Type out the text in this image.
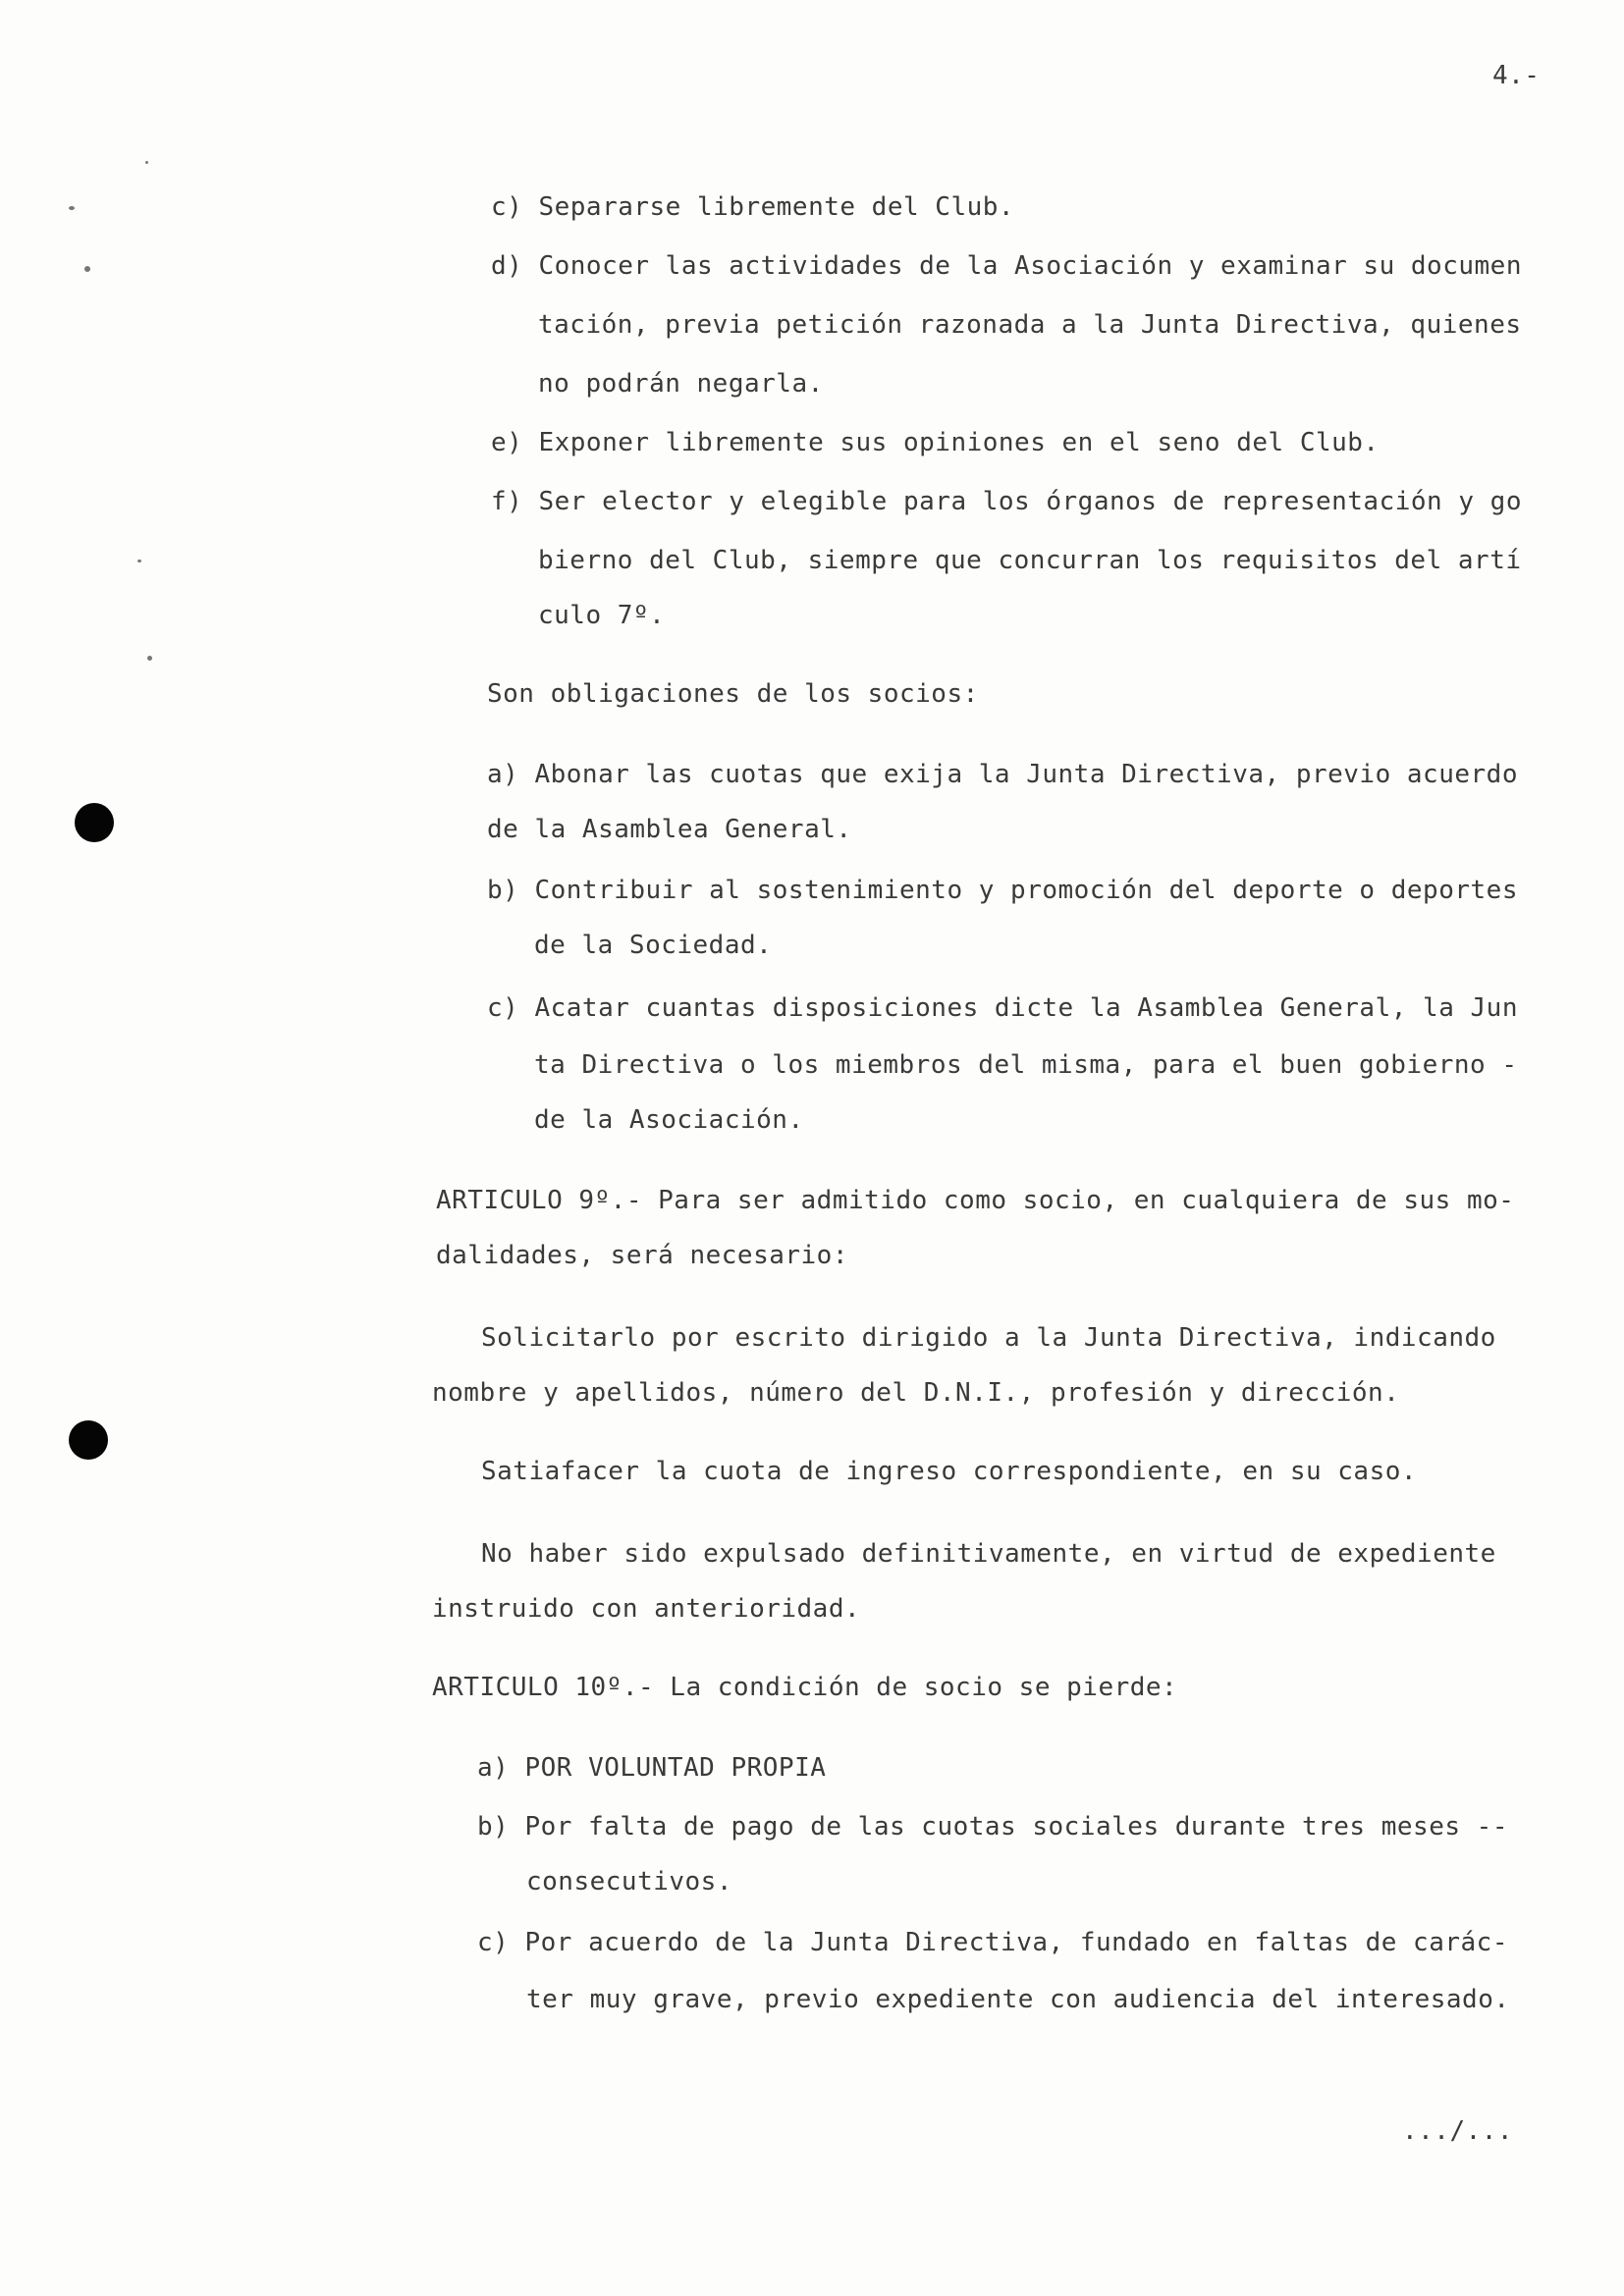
4.-
c) Separarse libremente del Club.
d) Conocer las actividades de la Asociación y examinar su documen
tación, previa petición razonada a la Junta Directiva, quienes
no podrán negarla.
e) Exponer libremente sus opiniones en el seno del Club.
f) Ser elector y elegible para los órganos de representación y go
bierno del Club, siempre que concurran los requisitos del artí
culo 7º.
Son obligaciones de los socios:
a) Abonar las cuotas que exija la Junta Directiva, previo acuerdo
de la Asamblea General.
b) Contribuir al sostenimiento y promoción del deporte o deportes
de la Sociedad.
c) Acatar cuantas disposiciones dicte la Asamblea General, la Jun
ta Directiva o los miembros del misma, para el buen gobierno -
de la Asociación.
ARTICULO 9º.- Para ser admitido como socio, en cualquiera de sus mo-
dalidades, será necesario:
Solicitarlo por escrito dirigido a la Junta Directiva, indicando
nombre y apellidos, número del D.N.I., profesión y dirección.
Satiafacer la cuota de ingreso correspondiente, en su caso.
No haber sido expulsado definitivamente, en virtud de expediente
instruido con anterioridad.
ARTICULO 10º.- La condición de socio se pierde:
a) POR VOLUNTAD PROPIA
b) Por falta de pago de las cuotas sociales durante tres meses --
consecutivos.
c) Por acuerdo de la Junta Directiva, fundado en faltas de carác-
ter muy grave, previo expediente con audiencia del interesado.
.../...
